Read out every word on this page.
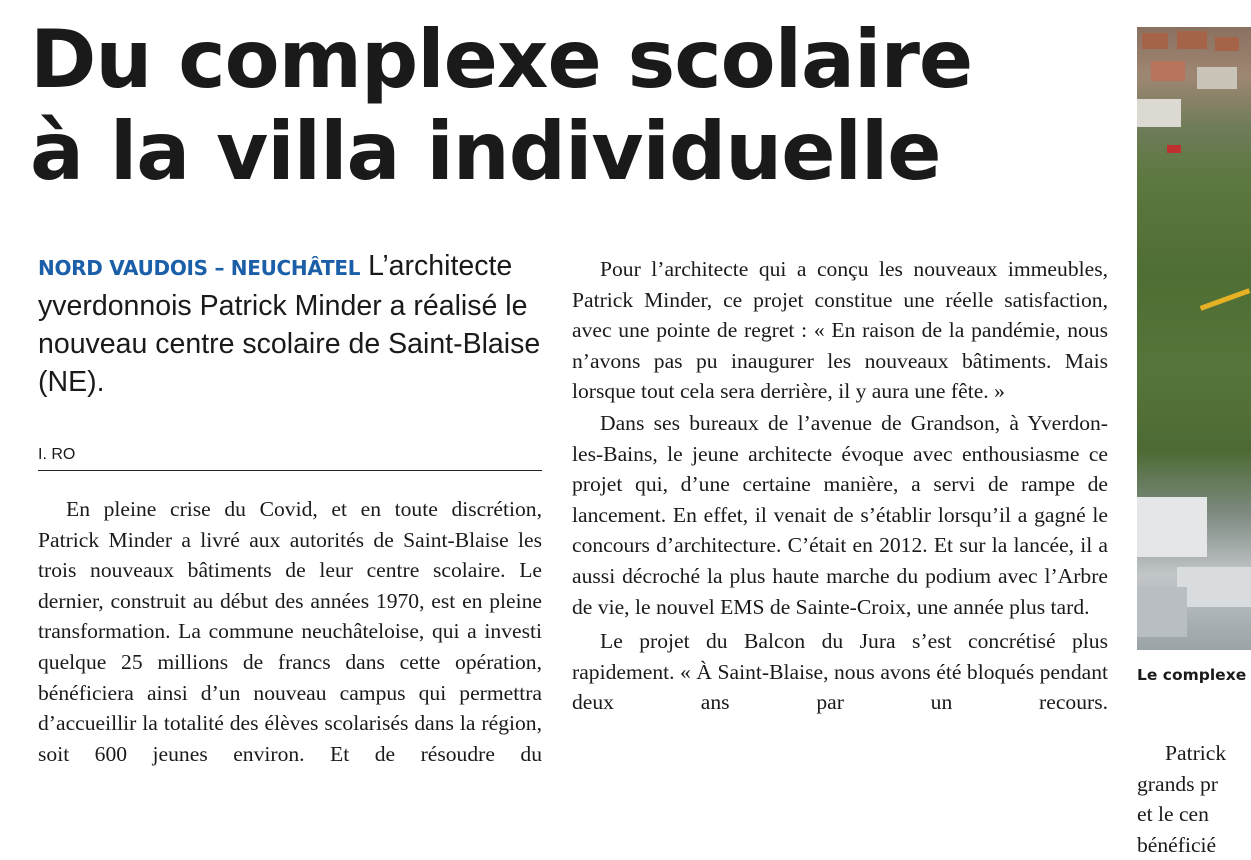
Du complexe scolaire
à la villa individuelle
NORD VAUDOIS – NEUCHÂTEL L’architecte yverdonnois Patrick Minder a réalisé le nouveau centre scolaire de Saint-Blaise (NE).
I. RO

En pleine crise du Covid, et en toute discrétion, Patrick Minder a livré aux autorités de Saint-Blaise les trois nouveaux bâtiments de leur centre scolaire. Le dernier, construit au début des années 1970, est en pleine transformation. La commune neuchâteloise, qui a investi quelque 25 millions de francs dans cette opération, bénéficiera ainsi d’un nouveau campus qui permettra d’accueillir la totalité des élèves scolarisés dans la région, soit 600 jeunes environ. Et de résoudre du

Pour l’architecte qui a conçu les nouveaux immeubles, Patrick Minder, ce projet constitue une réelle satisfaction, avec une pointe de regret : « En raison de la pandémie, nous n’avons pas pu inaugurer les nouveaux bâtiments. Mais lorsque tout cela sera derrière, il y aura une fête. »

Dans ses bureaux de l’avenue de Grandson, à Yverdon-les-Bains, le jeune architecte évoque avec enthousiasme ce projet qui, d’une certaine manière, a servi de rampe de lancement. En effet, il venait de s’établir lorsqu’il a gagné le concours d’architecture. C’était en 2012. Et sur la lancée, il a aussi décroché la plus haute marche du podium avec l’Arbre de vie, le nouvel EMS de Sainte-Croix, une année plus tard.

Le projet du Balcon du Jura s’est concrétisé plus rapidement. « À Saint-Blaise, nous avons été bloqués pendant deux ans par un recours.

Le complexe
Patrick
grands pr
et le cen
bénéficié
